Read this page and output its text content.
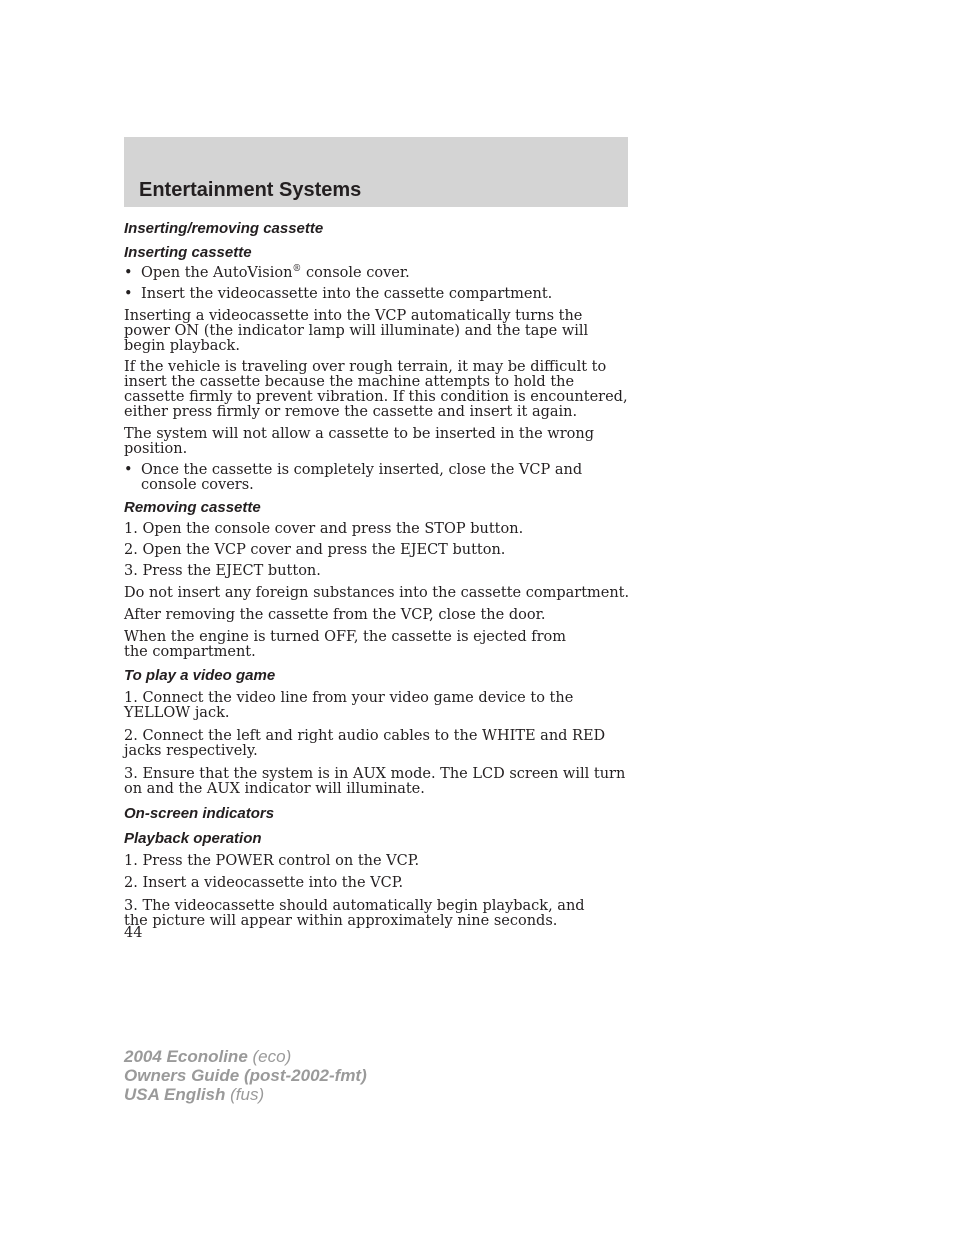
Entertainment Systems
Inserting/removing cassette
Inserting cassette
• Open the AutoVision® console cover.
• Insert the videocassette into the cassette compartment.

Inserting a videocassette into the VCP automatically turns the power ON (the indicator lamp will illuminate) and the tape will begin playback.

If the vehicle is traveling over rough terrain, it may be difficult to insert the cassette because the machine attempts to hold the cassette firmly to prevent vibration. If this condition is encountered, either press firmly or remove the cassette and insert it again.

The system will not allow a cassette to be inserted in the wrong position.

• Once the cassette is completely inserted, close the VCP and console covers.
Removing cassette

1. Open the console cover and press the STOP button.

2. Open the VCP cover and press the EJECT button.

3. Press the EJECT button.

Do not insert any foreign substances into the cassette compartment.

After removing the cassette from the VCP, close the door.

When the engine is turned OFF, the cassette is ejected from the compartment.

To play a video game

1. Connect the video line from your video game device to the YELLOW jack.

2. Connect the left and right audio cables to the WHITE and RED jacks respectively.

3. Ensure that the system is in AUX mode. The LCD screen will turn on and the AUX indicator will illuminate.

On-screen indicators
Playback operation

1. Press the POWER control on the VCP.

2. Insert a videocassette into the VCP.

3. The videocassette should automatically begin playback, and the picture will appear within approximately nine seconds.

44
2004 Econoline (eco)
Owners Guide (post-2002-fmt)
USA English (fus)
